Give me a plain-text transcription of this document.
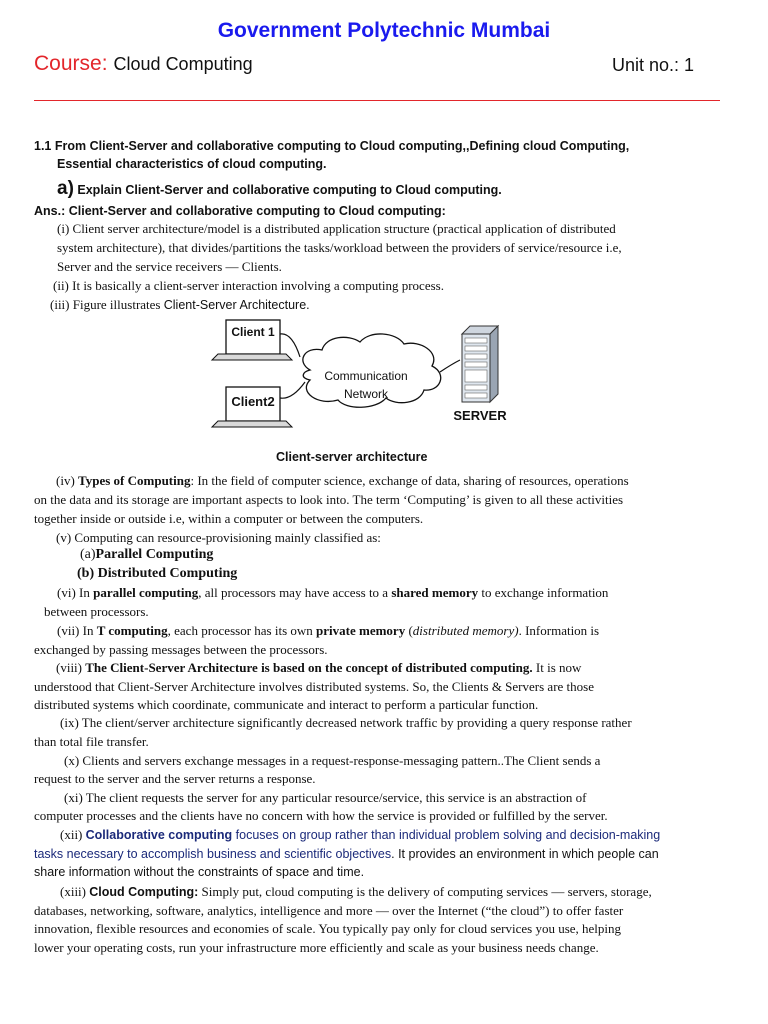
Government Polytechnic Mumbai
Course: Cloud Computing	Unit no.: 1
1.1 From Client-Server and collaborative computing to Cloud computing,,Defining cloud Computing,
Essential characteristics of cloud computing.
a) Explain Client-Server and collaborative computing to Cloud computing.
Ans.: Client-Server and collaborative computing to Cloud computing:
(i) Client server architecture/model is a distributed application structure (practical application of distributed
system architecture), that divides/partitions the tasks/workload between the providers of service/resource i.e,
Server and the service receivers — Clients.
(ii) It is basically a client-server interaction involving a computing process.
(iii) Figure illustrates Client-Server Architecture.
Client 1
Client2
Communication
Network
SERVER
Client-server architecture
(iv) Types of Computing: In the field of computer science, exchange of data, sharing of resources, operations
on the data and its storage are important aspects to look into. The term ‘Computing’ is given to all these activities
together inside or outside i.e, within a computer or between the computers.
(v) Computing can resource-provisioning mainly classified as:
(a)Parallel Computing
(b) Distributed Computing
(vi) In parallel computing, all processors may have access to a shared memory to exchange information
between processors.
(vii) In T computing, each processor has its own private memory (distributed memory). Information is
exchanged by passing messages between the processors.
(viii) The Client-Server Architecture is based on the concept of distributed computing. It is now
understood that Client-Server Architecture involves distributed systems. So, the Clients & Servers are those
distributed systems which coordinate, communicate and interact to perform a particular function.
(ix) The client/server architecture significantly decreased network traffic by providing a query response rather
than total file transfer.
(x) Clients and servers exchange messages in a request-response-messaging pattern..The Client sends a
request to the server and the server returns a response.
(xi) The client requests the server for any particular resource/service, this service is an abstraction of
computer processes and the clients have no concern with how the service is provided or fulfilled by the server.
(xii) Collaborative computing focuses on group rather than individual problem solving and decision-making
tasks necessary to accomplish business and scientific objectives. It provides an environment in which people can
share information without the constraints of space and time.
(xiii) Cloud Computing: Simply put, cloud computing is the delivery of computing services — servers, storage,
databases, networking, software, analytics, intelligence and more — over the Internet (“the cloud”) to offer faster
innovation, flexible resources and economies of scale. You typically pay only for cloud services you use, helping
lower your operating costs, run your infrastructure more efficiently and scale as your business needs change.
